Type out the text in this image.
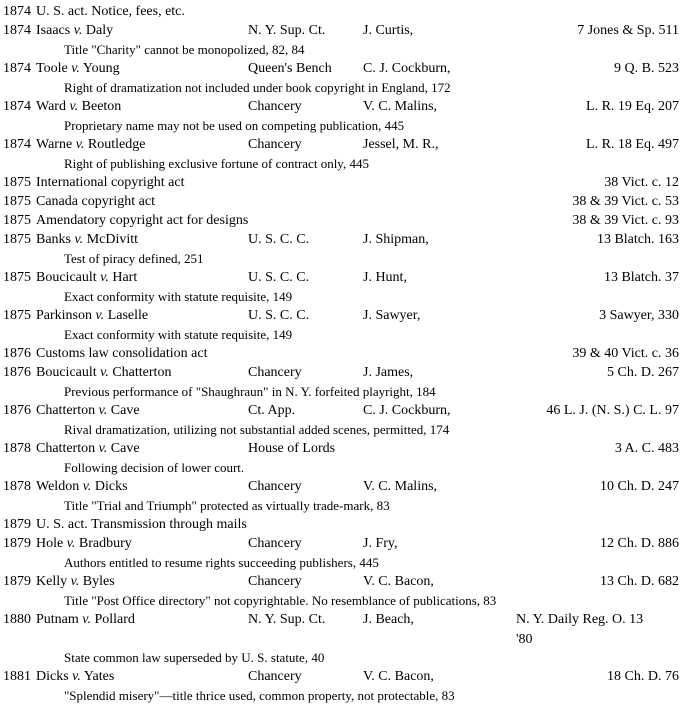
1874 U. S. act. Notice, fees, etc.
1874 Isaacs v. Daly	N. Y. Sup. Ct.	J. Curtis,	7 Jones & Sp. 511
Title "Charity" cannot be monopolized, 82, 84
1874 Toole v. Young	Queen's Bench C. J. Cockburn,	9 Q. B. 523
Right of dramatization not included under book copyright in England, 172
1874 Ward v. Beeton	Chancery	V. C. Malins,	L. R. 19 Eq. 207
Proprietary name may not be used on competing publication, 445
1874 Warne v. Routledge	Chancery	Jessel, M. R.,	L. R. 18 Eq. 497
Right of publishing exclusive fortune of contract only, 445
1875 International copyright act	38 Vict. c. 12
1875 Canada copyright act	38 & 39 Vict. c. 53
1875 Amendatory copyright act for designs	38 & 39 Vict. c. 93
1875 Banks v. McDivitt	U. S. C. C.	J. Shipman,	13 Blatch. 163
Test of piracy defined, 251
1875 Boucicault v. Hart	U. S. C. C.	J. Hunt,	13 Blatch. 37
Exact conformity with statute requisite, 149
1875 Parkinson v. Laselle	U. S. C. C.	J. Sawyer,	3 Sawyer, 330
Exact conformity with statute requisite, 149
1876 Customs law consolidation act	39 & 40 Vict. c. 36
1876 Boucicault v. Chatterton	Chancery	J. James,	5 Ch. D. 267
Previous performance of "Shaughraun" in N. Y. forfeited playright, 184
1876 Chatterton v. Cave	Ct. App.	C. J. Cockburn,	46 L. J. (N. S.) C. L. 97
Rival dramatization, utilizing not substantial added scenes, permitted, 174
1878 Chatterton v. Cave	House of Lords	3 A. C. 483
Following decision of lower court.
1878 Weldon v. Dicks	Chancery	V. C. Malins,	10 Ch. D. 247
Title "Trial and Triumph" protected as virtually trade-mark, 83
1879 U. S. act. Transmission through mails
1879 Hole v. Bradbury	Chancery	J. Fry,	12 Ch. D. 886
Authors entitled to resume rights succeeding publishers, 445
1879 Kelly v. Byles	Chancery	V. C. Bacon,	13 Ch. D. 682
Title "Post Office directory" not copyrightable. No resemblance of publications, 83
1880 Putnam v. Pollard	N. Y. Sup. Ct.	J. Beach,	N. Y. Daily Reg. O. 13
'80
State common law superseded by U. S. statute, 40
1881 Dicks v. Yates	Chancery	V. C. Bacon,	18 Ch. D. 76
"Splendid misery"—title thrice used, common property, not protectable, 83
